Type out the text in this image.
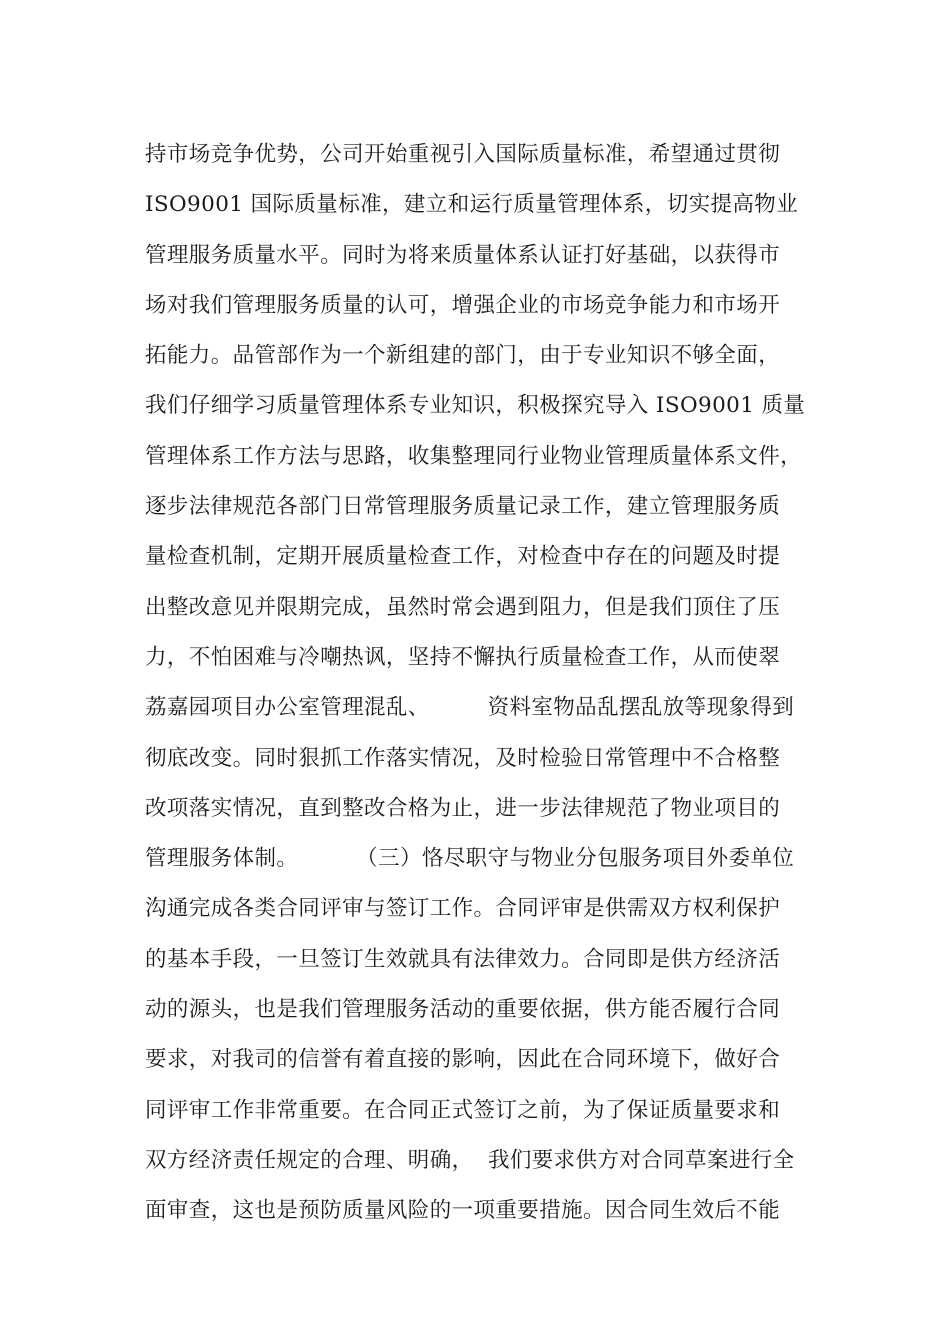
持市场竞争优势，公司开始重视引入国际质量标准，希望通过贯彻
ISO9001 国际质量标准，建立和运行质量管理体系，切实提高物业
管理服务质量水平。同时为将来质量体系认证打好基础，以获得市
场对我们管理服务质量的认可，增强企业的市场竞争能力和市场开
拓能力。品管部作为一个新组建的部门，由于专业知识不够全面，
我们仔细学习质量管理体系专业知识，积极探究导入 ISO9001 质量
管理体系工作方法与思路，收集整理同行业物业管理质量体系文件，
逐步法律规范各部门日常管理服务质量记录工作，建立管理服务质
量检查机制，定期开展质量检查工作，对检查中存在的问题及时提
出整改意见并限期完成，虽然时常会遇到阻力，但是我们顶住了压
力，不怕困难与冷嘲热讽，坚持不懈执行质量检查工作，从而使翠
荔嘉园项目办公室管理混乱、        资料室物品乱摆乱放等现象得到
彻底改变。同时狠抓工作落实情况，及时检验日常管理中不合格整
改项落实情况，直到整改合格为止，进一步法律规范了物业项目的
管理服务体制。        （三）恪尽职守与物业分包服务项目外委单位
沟通完成各类合同评审与签订工作。合同评审是供需双方权利保护
的基本手段，一旦签订生效就具有法律效力。合同即是供方经济活
动的源头，也是我们管理服务活动的重要依据，供方能否履行合同
要求，对我司的信誉有着直接的影响，因此在合同环境下，做好合
同评审工作非常重要。在合同正式签订之前，为了保证质量要求和
双方经济责任规定的合理、明确，  我们要求供方对合同草案进行全
面审查，这也是预防质量风险的一项重要措施。因合同生效后不能
